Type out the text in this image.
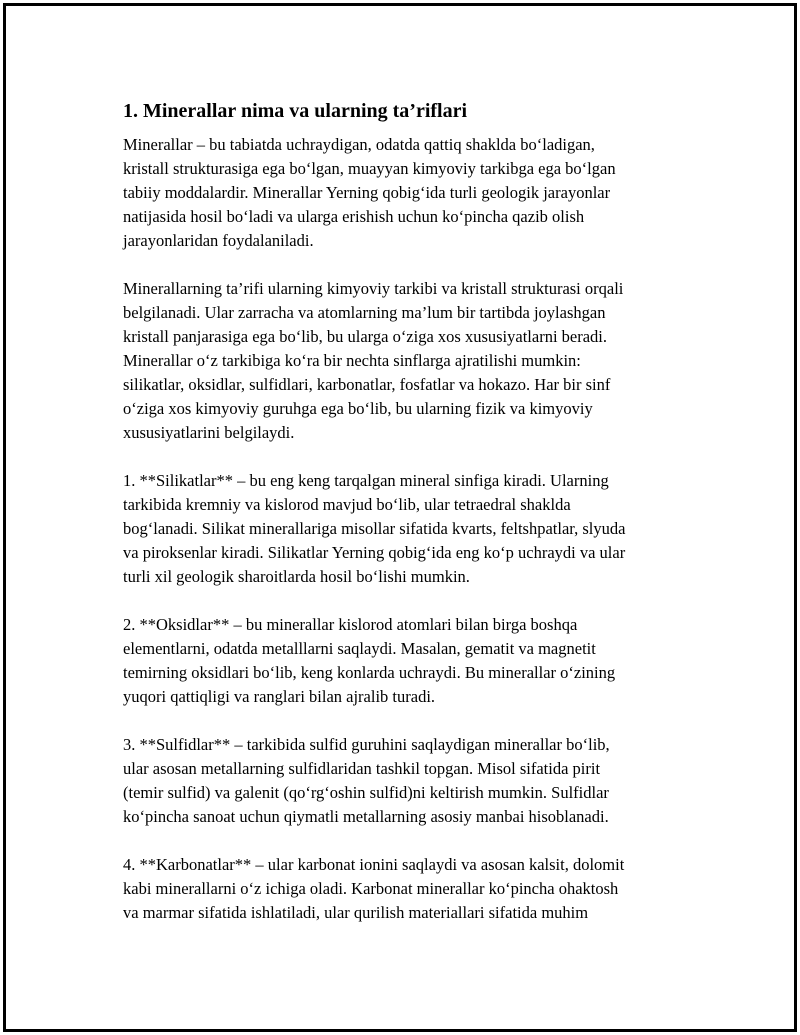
1. Minerallar nima va ularning ta’riflari
Minerallar – bu tabiatda uchraydigan, odatda qattiq shaklda bo‘ladigan,
kristall strukturasiga ega bo‘lgan, muayyan kimyoviy tarkibga ega bo‘lgan
tabiiy moddalardir. Minerallar Yerning qobig‘ida turli geologik jarayonlar
natijasida hosil bo‘ladi va ularga erishish uchun ko‘pincha qazib olish
jarayonlaridan foydalaniladi.
Minerallarning ta’rifi ularning kimyoviy tarkibi va kristall strukturasi orqali
belgilanadi. Ular zarracha va atomlarning ma’lum bir tartibda joylashgan
kristall panjarasiga ega bo‘lib, bu ularga o‘ziga xos xususiyatlarni beradi.
Minerallar o‘z tarkibiga ko‘ra bir nechta sinflarga ajratilishi mumkin:
silikatlar, oksidlar, sulfidlari, karbonatlar, fosfatlar va hokazo. Har bir sinf
o‘ziga xos kimyoviy guruhga ega bo‘lib, bu ularning fizik va kimyoviy
xususiyatlarini belgilaydi.
1. **Silikatlar** – bu eng keng tarqalgan mineral sinfiga kiradi. Ularning
tarkibida kremniy va kislorod mavjud bo‘lib, ular tetraedral shaklda
bog‘lanadi. Silikat minerallariga misollar sifatida kvarts, feltshpatlar, slyuda
va piroksenlar kiradi. Silikatlar Yerning qobig‘ida eng ko‘p uchraydi va ular
turli xil geologik sharoitlarda hosil bo‘lishi mumkin.
2. **Oksidlar** – bu minerallar kislorod atomlari bilan birga boshqa
elementlarni, odatda metalllarni saqlaydi. Masalan, gematit va magnetit
temirning oksidlari bo‘lib, keng konlarda uchraydi. Bu minerallar o‘zining
yuqori qattiqligi va ranglari bilan ajralib turadi.
3. **Sulfidlar** – tarkibida sulfid guruhini saqlaydigan minerallar bo‘lib,
ular asosan metallarning sulfidlaridan tashkil topgan. Misol sifatida pirit
(temir sulfid) va galenit (qo‘rg‘oshin sulfid)ni keltirish mumkin. Sulfidlar
ko‘pincha sanoat uchun qiymatli metallarning asosiy manbai hisoblanadi.
4. **Karbonatlar** – ular karbonat ionini saqlaydi va asosan kalsit, dolomit
kabi minerallarni o‘z ichiga oladi. Karbonat minerallar ko‘pincha ohaktosh
va marmar sifatida ishlatiladi, ular qurilish materiallari sifatida muhim
